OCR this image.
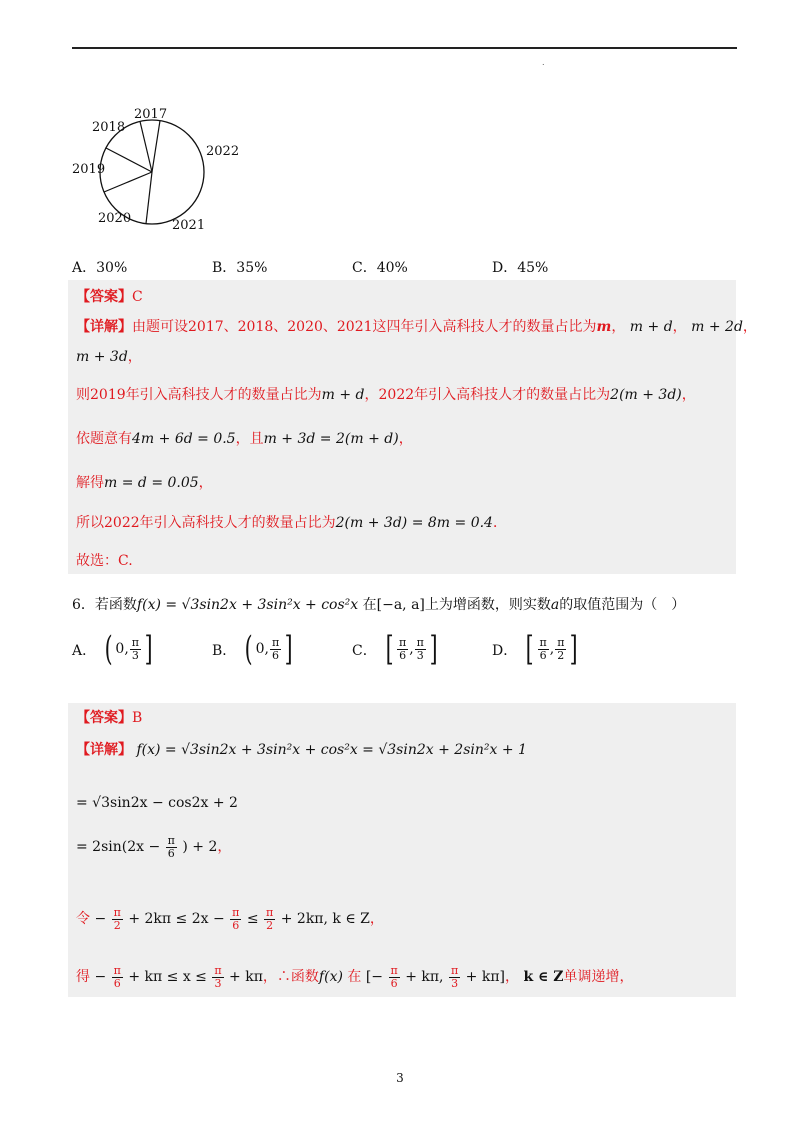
.
2017
2018
2019
2020	2021
2022
A．30%	B．35%	C．40%	D．45%
【答案】C
【详解】由题可设2017、2018、2020、2021这四年引入高科技人才的数量占比为m， m + d， m + 2d，
m + 3d，
则2019年引入高科技人才的数量占比为m + d，2022年引入高科技人才的数量占比为2(m + 3d)，
依题意有4m + 6d = 0.5，且m + 3d = 2(m + d)，
解得m = d = 0.05，
所以2022年引入高科技人才的数量占比为2(m + 3d) = 8m = 0.4．
故选：C.
6．若函数f(x) = √3sin2x + 3sin²x + cos²x 在[−a, a]上为增函数，则实数a的取值范围为（　）
A． ( 0 , $\frac{\pi}{3}$ ]	B． ( 0 , $\frac{\pi}{6}$ ]	C． [ $\frac{\pi}{6}$ , $\frac{\pi}{3}$ ]	D． [ $\frac{\pi}{6}$ , $\frac{\pi}{2}$ ]
【答案】B
【详解】 f(x) = √3sin2x + 3sin²x + cos²x = √3sin2x + 2sin²x + 1
= √3sin2x − cos2x + 2
= $2\sin(2x - \frac{\pi}{6}$ ) + 2，
令 − $\frac{\pi}{2} + 2k\pi \le 2x - \frac{\pi}{6} \le \frac{\pi}{2} + 2k\pi$, k ∈ Z，
得 − $\frac{\pi}{6} + k\pi \le x \le \frac{\pi}{3} + k\pi$，∴函数f(x) 在 [− $\frac{\pi}{6} + k\pi$, $\frac{\pi}{3} + k\pi$]， k ∈ Z单调递增，
3
